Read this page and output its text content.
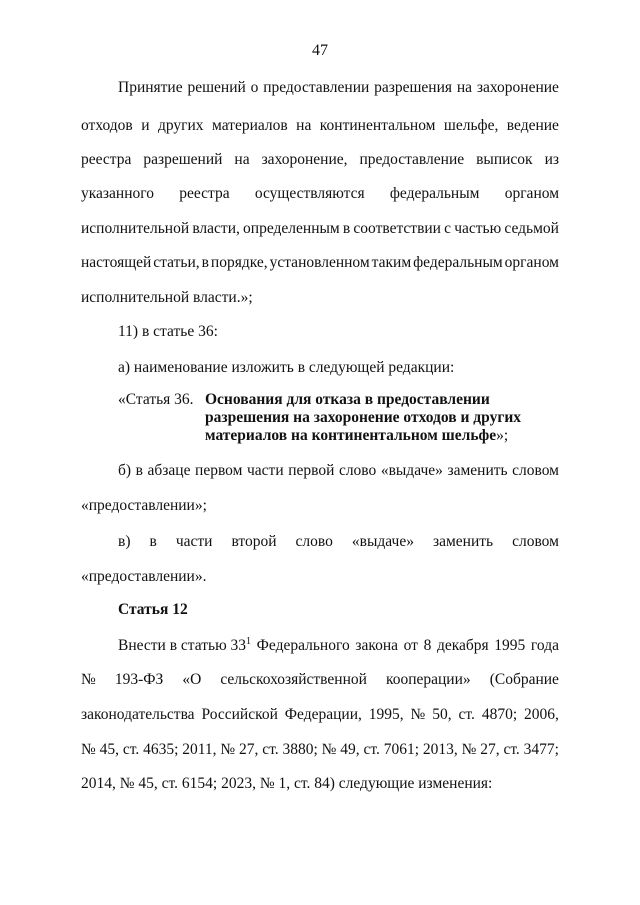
47
Принятие решений о предоставлении разрешения на захоронение
отходов и других материалов на континентальном шельфе, ведение
реестра разрешений на захоронение, предоставление выписок из
указанного реестра осуществляются федеральным органом
исполнительной власти, определенным в соответствии с частью седьмой
настоящей статьи, в порядке, установленном таким федеральным органом
исполнительной власти.»;
11) в статье 36:
а) наименование изложить в следующей редакции:
«Статья 36. Основания для отказа в предоставлении
разрешения на захоронение отходов и других
материалов на континентальном шельфе»;
б) в абзаце первом части первой слово «выдаче» заменить словом
«предоставлении»;
в) в части второй слово «выдаче» заменить словом
«предоставлении».
Статья 12
Внести в статью $33^1$ Федерального закона от 8 декабря 1995 года
№ 193-ФЗ «О сельскохозяйственной кооперации» (Собрание
законодательства Российской Федерации, 1995, № 50, ст. 4870; 2006,
№ 45, ст. 4635; 2011, № 27, ст. 3880; № 49, ст. 7061; 2013, № 27, ст. 3477;
2014, № 45, ст. 6154; 2023, № 1, ст. 84) следующие изменения:
